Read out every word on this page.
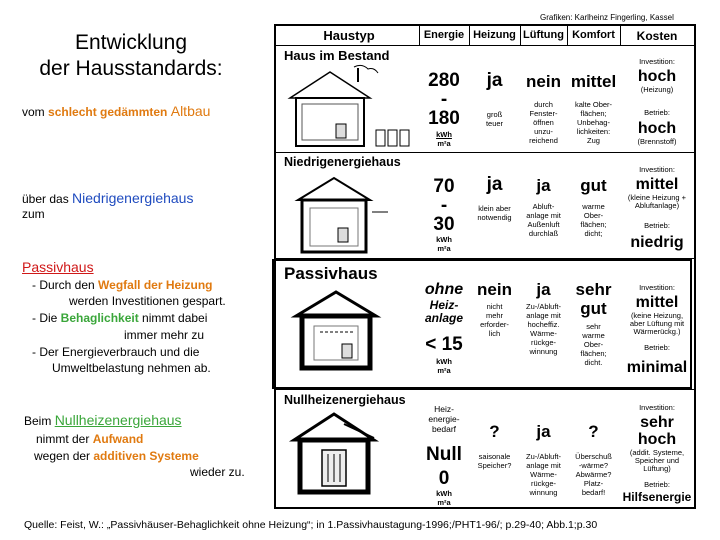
Entwicklung
der Hausstandards:
vom schlecht gedämmten Altbau
über das Niedrigenergiehaus
zum
Passivhaus
- Durch den Wegfall der Heizung
werden Investitionen gespart.
- Die Behaglichkeit nimmt dabei
immer mehr zu
- Der Energieverbrauch und die
Umweltbelastung nehmen ab.
Beim Nullheizenergiehaus
nimmt der Aufwand
wegen der additiven Systeme
wieder zu.
Grafiken: Karlheinz Fingerling, Kassel
Haustyp	Energie Heizung Lüftung Komfort	Kosten
Haus im Bestand
280
-
180
kWh
m²a
ja
groß
teuer
nein
durch
Fenster-
öffnen
unzu-
reichend
mittel
kalte Ober-
flächen;
Unbehag-
lichkeiten:
Zug
Investition:
hoch
(Heizung)
Betrieb:
hoch
(Brennstoff)
Niedrigenergiehaus
70
-
30
kWh
m²a
ja
klein aber
notwendig
ja
Abluft-
anlage mit
Außenluft
durchlaß
gut
warme
Ober-
flächen;
dicht;
Investition:
mittel
(kleine Heizung +
Abluftanlage)
Betrieb:
niedrig
Passivhaus
ohne
Heiz-
anlage
< 15
kWh
m²a
nein
nicht
mehr
erforder-
lich
ja
Zu-/Abluft-
anlage mit
hocheffiz.
Wärme-
rückge-
winnung
sehr
gut
sehr
warme
Ober-
flächen;
dicht.
Investition:
mittel
(keine Heizung,
aber Lüftung mit
Wärmerückg.)
Betrieb:
minimal
Nullheizenergiehaus
Heiz-
energie-
bedarf
Null
0
kWh
m²a
?
saisonale
Speicher?
ja
Zu-/Abluft-
anlage mit
Wärme-
rückge-
winnung
?
Überschuß
-wärme?
Abwärme?
Platz-
bedarf!
Investition:
sehr
hoch
(addit. Systeme,
Speicher und
Lüftung)
Betrieb:
Hilfsenergie
Quelle: Feist, W.: „Passivhäuser-Behaglichkeit ohne Heizung“; in 1.Passivhaustagung-1996;/PHT1-96/; p.29-40; Abb.1;p.30
